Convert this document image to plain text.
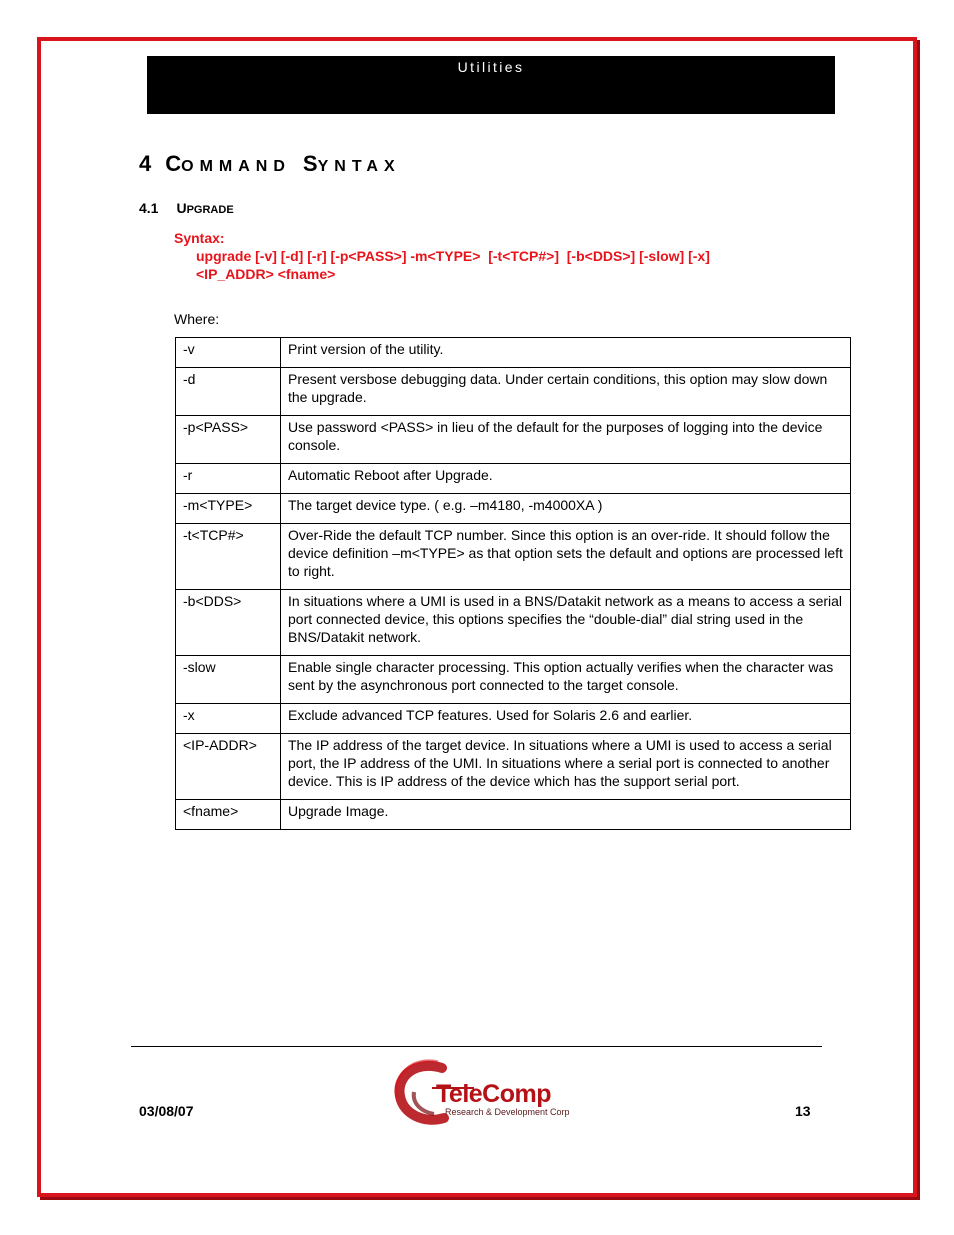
Utilities
4 COMMAND SYNTAX
4.1 UPGRADE
Syntax:
upgrade [-v] [-d] [-r] [-p<PASS>] -m<TYPE>  [-t<TCP#>]  [-b<DDS>] [-slow] [-x]
<IP_ADDR> <fname>
Where:
-v	Print version of the utility.
-d	Present versbose debugging data. Under certain conditions, this option may slow down the upgrade.
-p<PASS>	Use password <PASS> in lieu of the default for the purposes of logging into the device console.
-r	Automatic Reboot after Upgrade.
-m<TYPE>	The target device type. ( e.g. –m4180, -m4000XA )
-t<TCP#>	Over-Ride the default TCP number. Since this option is an over-ride. It should follow the device definition –m<TYPE> as that option sets the default and options are processed left to right.
-b<DDS>	In situations where a UMI is used in a BNS/Datakit network as a means to access a serial port connected device, this options specifies the “double-dial” dial string used in the BNS/Datakit network.
-slow	Enable single character processing. This option actually verifies when the character was sent by the asynchronous port connected to the target console.
-x	Exclude advanced TCP features. Used for Solaris 2.6 and earlier.
<IP-ADDR>	The IP address of the target device. In situations where a UMI is used to access a serial port, the IP address of the UMI. In situations where a serial port is connected to another device. This is IP address of the device which has the support serial port.
<fname>	Upgrade Image.
03/08/07	13
TeleComp
Research & Development Corp
